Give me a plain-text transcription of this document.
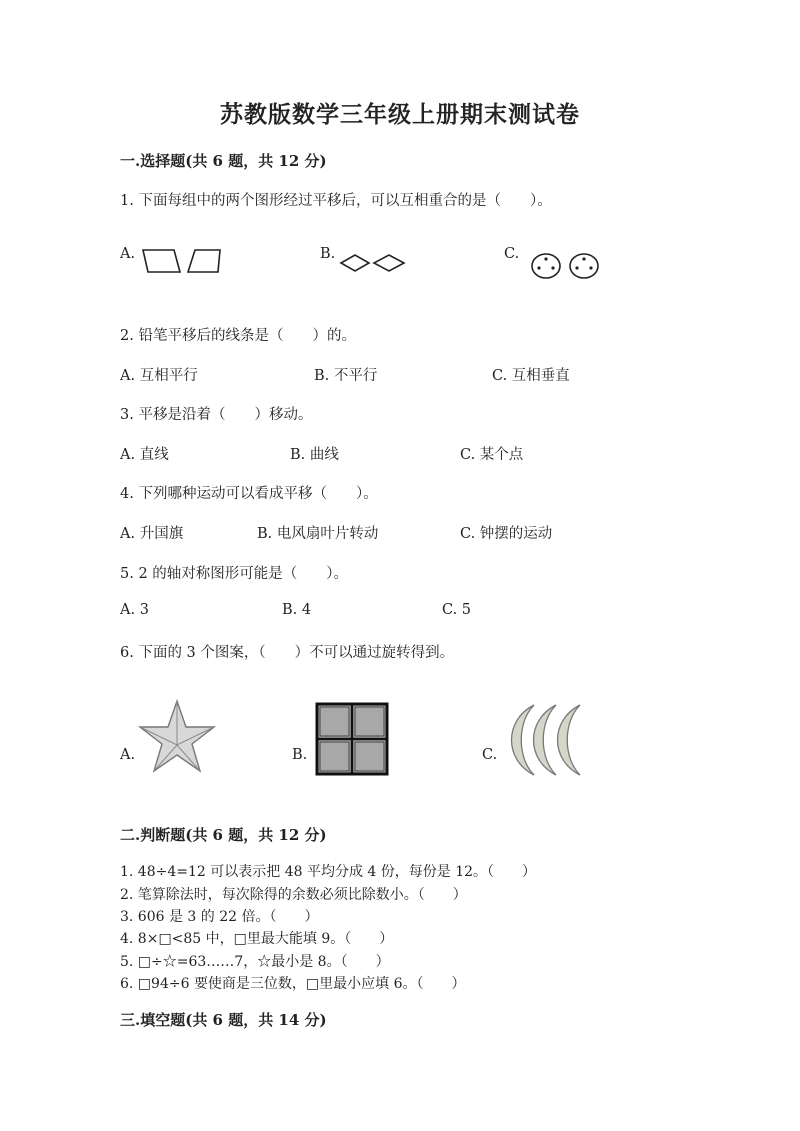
苏教版数学三年级上册期末测试卷
一.选择题(共 6 题，共 12 分)
1. 下面每组中的两个图形经过平移后，可以互相重合的是（　　）。
A.	B.	C.
2. 铅笔平移后的线条是（　　）的。
A. 互相平行	B. 不平行	C. 互相垂直
3. 平移是沿着（　　）移动。
A. 直线	B. 曲线	C. 某个点
4. 下列哪种运动可以看成平移（　　）。
A. 升国旗	B. 电风扇叶片转动	C. 钟摆的运动
5. 2 的轴对称图形可能是（　　）。
A. 3	B. 4	C. 5
6. 下面的 3 个图案，（　　）不可以通过旋转得到。
A.	B.	C.
二.判断题(共 6 题，共 12 分)
1. 48÷4=12 可以表示把 48 平均分成 4 份，每份是 12。（　　）
2. 笔算除法时，每次除得的余数必须比除数小。（　　）
3. 606 是 3 的 22 倍。（　　）
4. 8×□<85 中，□里最大能填 9。（　　）
5. □÷☆=63……7，☆最小是 8。（　　）
6. □94÷6 要使商是三位数，□里最小应填 6。（　　）
三.填空题(共 6 题，共 14 分)
